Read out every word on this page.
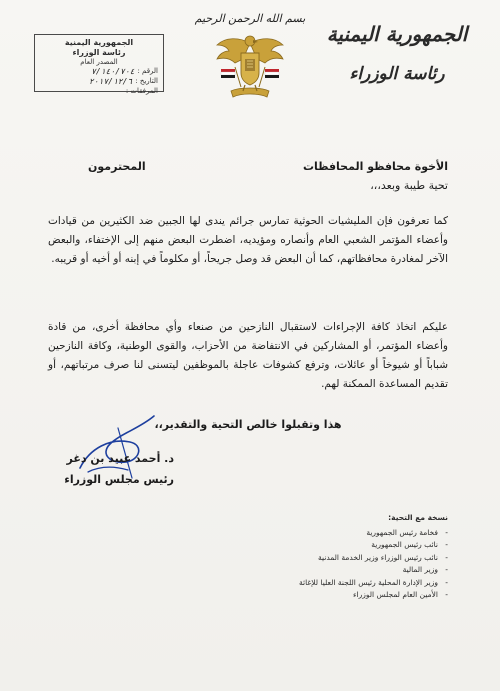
الجمهورية اليمنية
رئاسة الوزراء
بسم الله الرحمن الرحيم
الجمهورية اليمنية
رئاسة الوزراء
المصدر العام
الرقم :
٧/١٤٠/٧٠٤
التاريخ :
٢٠١٧/١٢/٦
المرفقات :
الأخوة محافظو المحافظات
المحترمون
تحية طيبة وبعد،،،
كما تعرفون فإن المليشيات الحوثية تمارس جرائم يندى لها الجبين ضد الكثيرين من قيادات وأعضاء المؤتمر الشعبي العام وأنصاره ومؤيديه، اضطرت البعض منهم إلى الإختفاء، والبعض الآخر لمغادرة محافظاتهم، كما أن البعض قد وصل جريحاً، أو مكلوماً في إبنه أو أخيه أو قريبه.
عليكم اتخاذ كافة الإجراءات لاستقبال النازحين من صنعاء وأي محافظة أخرى، من قادة وأعضاء المؤتمر، أو المشاركين في الانتفاضة من الأحزاب، والقوى الوطنية، وكافة النازحين شباباً أو شيوخاً أو عائلات، وترفع كشوفات عاجلة بالموظفين ليتسنى لنا صرف مرتباتهم، أو تقديم المساعدة الممكنة لهم.
هذا وتقبلوا خالص التحية والتقدير،،
د. أحمد عبيد بن دغر
رئيس مجلس الوزراء
نسخة مع التحية:
- فخامة رئيس الجمهورية
- نائب رئيس الجمهورية
- نائب رئيس الوزراء وزير الخدمة المدنية
- وزير المالية
- وزير الإدارة المحلية رئيس اللجنة العليا للإغاثة
- الأمين العام لمجلس الوزراء
